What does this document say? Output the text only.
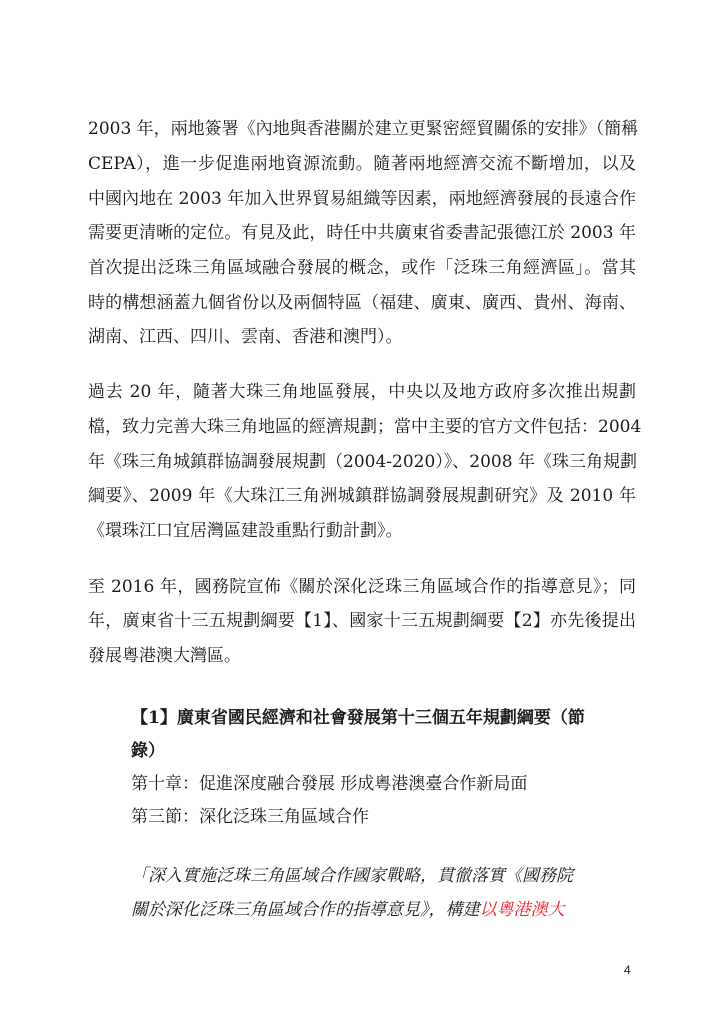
2003 年，兩地簽署《內地與香港關於建立更緊密經貿關係的安排》（簡稱
CEPA），進一步促進兩地資源流動。隨著兩地經濟交流不斷增加，以及
中國內地在 2003 年加入世界貿易組織等因素，兩地經濟發展的長遠合作
需要更清晰的定位。有見及此，時任中共廣東省委書記張德江於 2003 年
首次提出泛珠三角區域融合發展的概念，或作「泛珠三角經濟區」。當其
時的構想涵蓋九個省份以及兩個特區（福建、廣東、廣西、貴州、海南、
湖南、江西、四川、雲南、香港和澳門）。
過去 20 年，隨著大珠三角地區發展，中央以及地方政府多次推出規劃
檔，致力完善大珠三角地區的經濟規劃；當中主要的官方文件包括：2004
年《珠三角城鎮群協調發展規劃（2004-2020）》、2008 年《珠三角規劃
綱要》、2009 年《大珠江三角洲城鎮群協調發展規劃研究》及 2010 年
《環珠江口宜居灣區建設重點行動計劃》。
至 2016 年，國務院宣佈《關於深化泛珠三角區域合作的指導意見》；同
年，廣東省十三五規劃綱要【1】、國家十三五規劃綱要【2】亦先後提出
發展粵港澳大灣區。
【1】廣東省國民經濟和社會發展第十三個五年規劃綱要（節
錄）
第十章：促進深度融合發展 形成粵港澳臺合作新局面
第三節：深化泛珠三角區域合作
「深入實施泛珠三角區域合作國家戰略，貫徹落實《國務院
關於深化泛珠三角區域合作的指導意見》，構建以粵港澳大
4
